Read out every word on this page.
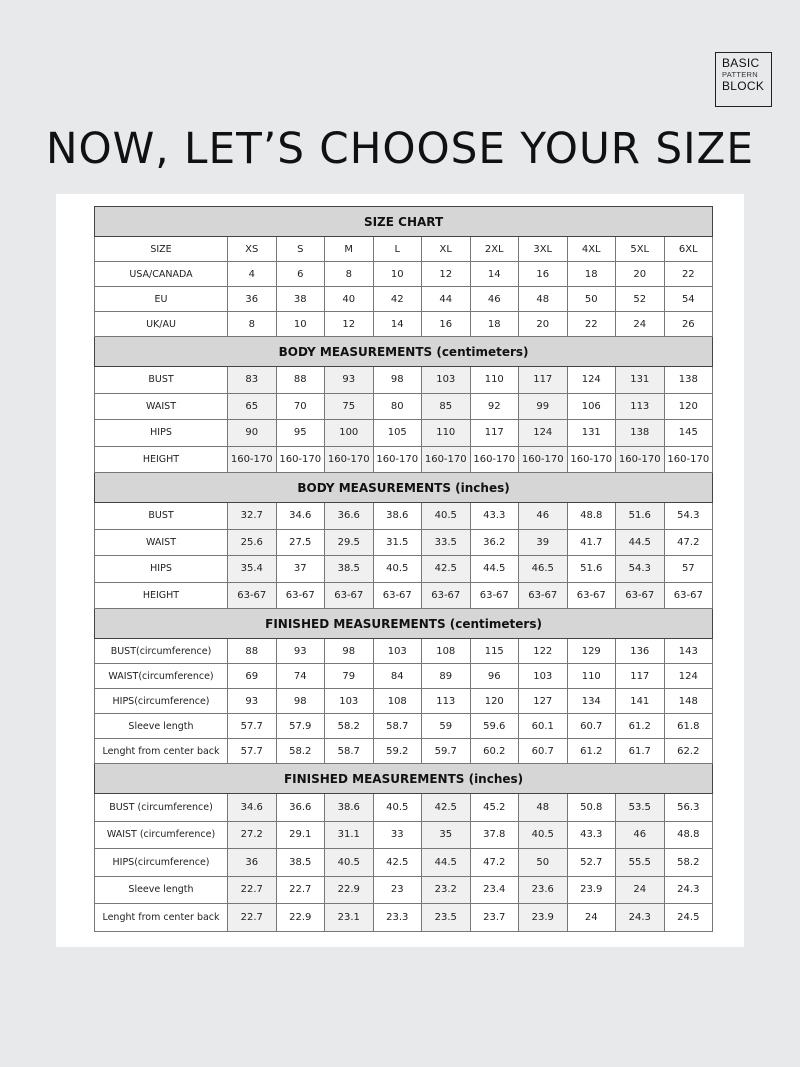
BASIC
PATTERN
BLOCK
NOW, LET’S CHOOSE YOUR SIZE
SIZE CHART										
SIZE	XS	S	M	L	XL	2XL	3XL	4XL	5XL	6XL
USA/CANADA	4	6	8	10	12	14	16	18	20	22
EU	36	38	40	42	44	46	48	50	52	54
UK/AU	8	10	12	14	16	18	20	22	24	26
BODY MEASUREMENTS (centimeters)										
BUST	83	88	93	98	103	110	117	124	131	138
WAIST	65	70	75	80	85	92	99	106	113	120
HIPS	90	95	100	105	110	117	124	131	138	145
HEIGHT	160-170	160-170	160-170	160-170	160-170	160-170	160-170	160-170	160-170	160-170
BODY MEASUREMENTS (inches)										
BUST	32.7	34.6	36.6	38.6	40.5	43.3	46	48.8	51.6	54.3
WAIST	25.6	27.5	29.5	31.5	33.5	36.2	39	41.7	44.5	47.2
HIPS	35.4	37	38.5	40.5	42.5	44.5	46.5	51.6	54.3	57
HEIGHT	63-67	63-67	63-67	63-67	63-67	63-67	63-67	63-67	63-67	63-67
FINISHED MEASUREMENTS (centimeters)										
BUST(circumference)	88	93	98	103	108	115	122	129	136	143
WAIST(circumference)	69	74	79	84	89	96	103	110	117	124
HIPS(circumference)	93	98	103	108	113	120	127	134	141	148
Sleeve length	57.7	57.9	58.2	58.7	59	59.6	60.1	60.7	61.2	61.8
Lenght from center back	57.7	58.2	58.7	59.2	59.7	60.2	60.7	61.2	61.7	62.2
FINISHED MEASUREMENTS (inches)										
BUST (circumference)	34.6	36.6	38.6	40.5	42.5	45.2	48	50.8	53.5	56.3
WAIST (circumference)	27.2	29.1	31.1	33	35	37.8	40.5	43.3	46	48.8
HIPS(circumference)	36	38.5	40.5	42.5	44.5	47.2	50	52.7	55.5	58.2
Sleeve length	22.7	22.7	22.9	23	23.2	23.4	23.6	23.9	24	24.3
Lenght from center back	22.7	22.9	23.1	23.3	23.5	23.7	23.9	24	24.3	24.5
